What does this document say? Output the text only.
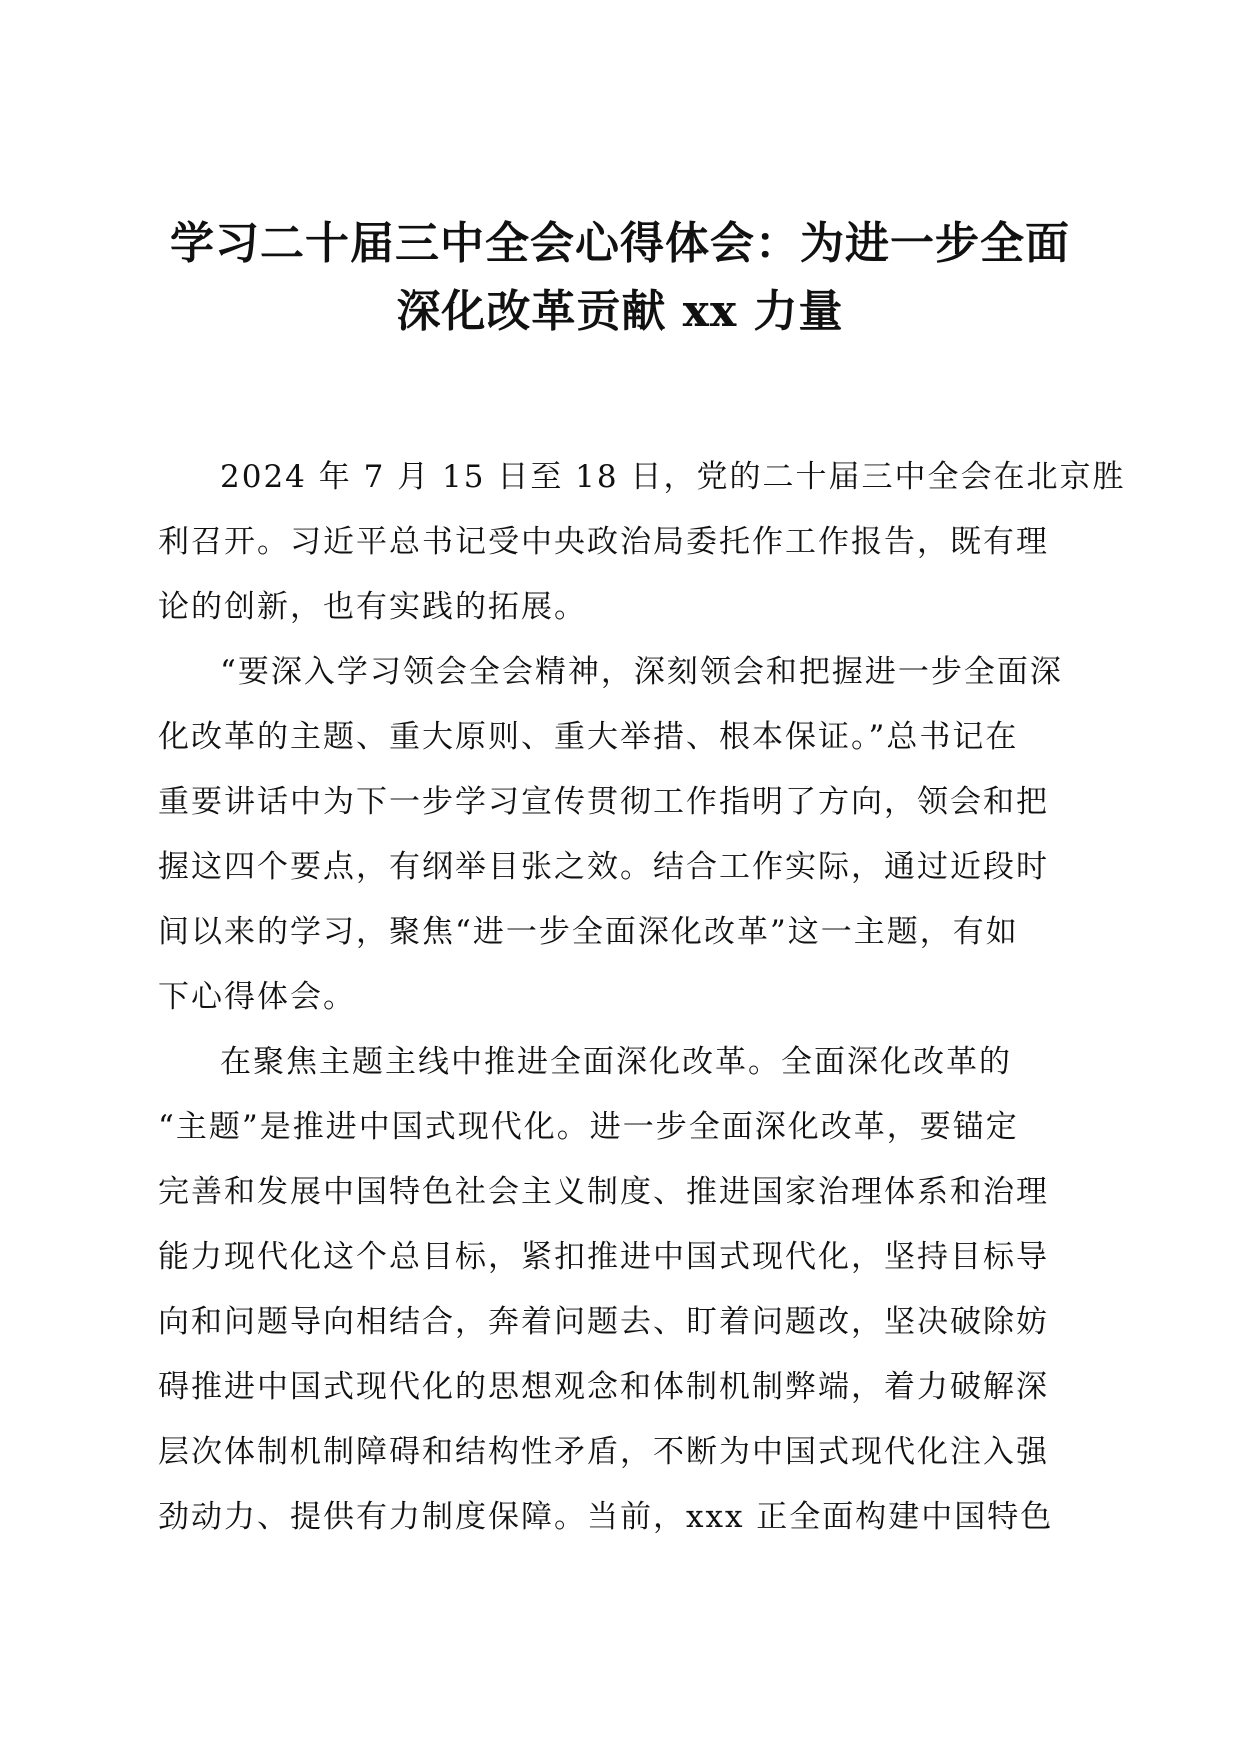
学习二十届三中全会心得体会：为进一步全面
深化改革贡献 xx 力量

2024 年 7 月 15 日至 18 日，党的二十届三中全会在北京胜
利召开。习近平总书记受中央政治局委托作工作报告，既有理
论的创新，也有实践的拓展。

“要深入学习领会全会精神，深刻领会和把握进一步全面深
化改革的主题、重大原则、重大举措、根本保证。”总书记在
重要讲话中为下一步学习宣传贯彻工作指明了方向，领会和把
握这四个要点，有纲举目张之效。结合工作实际，通过近段时
间以来的学习，聚焦“进一步全面深化改革”这一主题，有如
下心得体会。

在聚焦主题主线中推进全面深化改革。全面深化改革的
“主题”是推进中国式现代化。进一步全面深化改革，要锚定
完善和发展中国特色社会主义制度、推进国家治理体系和治理
能力现代化这个总目标，紧扣推进中国式现代化，坚持目标导
向和问题导向相结合，奔着问题去、盯着问题改，坚决破除妨
碍推进中国式现代化的思想观念和体制机制弊端，着力破解深
层次体制机制障碍和结构性矛盾，不断为中国式现代化注入强
劲动力、提供有力制度保障。当前，xxx 正全面构建中国特色
